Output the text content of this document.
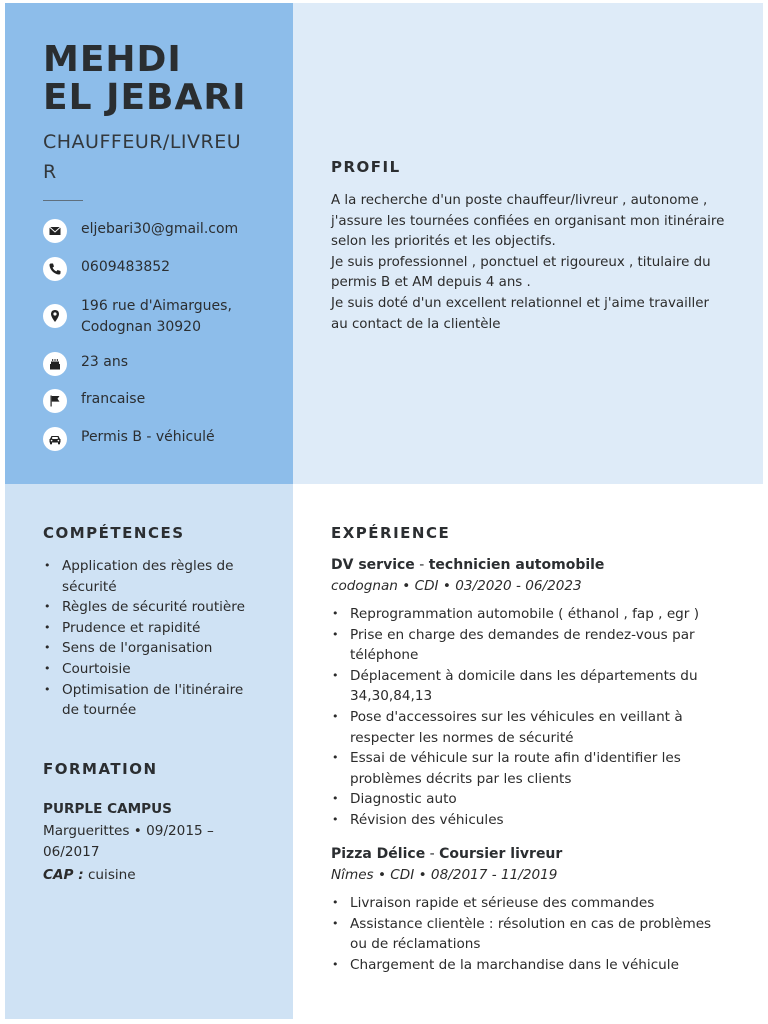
MEHDI
EL JEBARI
CHAUFFEUR/LIVREUR
eljebari30@gmail.com
0609483852
196 rue d'Aimargues,
Codognan 30920
23 ans
francaise
Permis B - véhiculé
PROFIL
A la recherche d'un poste chauffeur/livreur , autonome ,
j'assure les tournées confiées en organisant mon itinéraire
selon les priorités et les objectifs.
Je suis professionnel , ponctuel et rigoureux , titulaire du
permis B et AM depuis 4 ans .
Je suis doté d'un excellent relationnel et j'aime travailler
au contact de la clientèle
COMPÉTENCES
• Application des règles de sécurité
• Règles de sécurité routière
• Prudence et rapidité
• Sens de l'organisation
• Courtoisie
• Optimisation de l'itinéraire de tournée
FORMATION
PURPLE CAMPUS
Marguerittes • 09/2015 – 06/2017
CAP : cuisine
EXPÉRIENCE
DV service - technicien automobile
codognan • CDI • 03/2020 - 06/2023
• Reprogrammation automobile ( éthanol , fap , egr )
• Prise en charge des demandes de rendez-vous par téléphone
• Déplacement à domicile dans les départements du 34,30,84,13
• Pose d'accessoires sur les véhicules en veillant à respecter les normes de sécurité
• Essai de véhicule sur la route afin d'identifier les problèmes décrits par les clients
• Diagnostic auto
• Révision des véhicules
Pizza Délice - Coursier livreur
Nîmes • CDI • 08/2017 - 11/2019
• Livraison rapide et sérieuse des commandes
• Assistance clientèle : résolution en cas de problèmes ou de réclamations
• Chargement de la marchandise dans le véhicule
